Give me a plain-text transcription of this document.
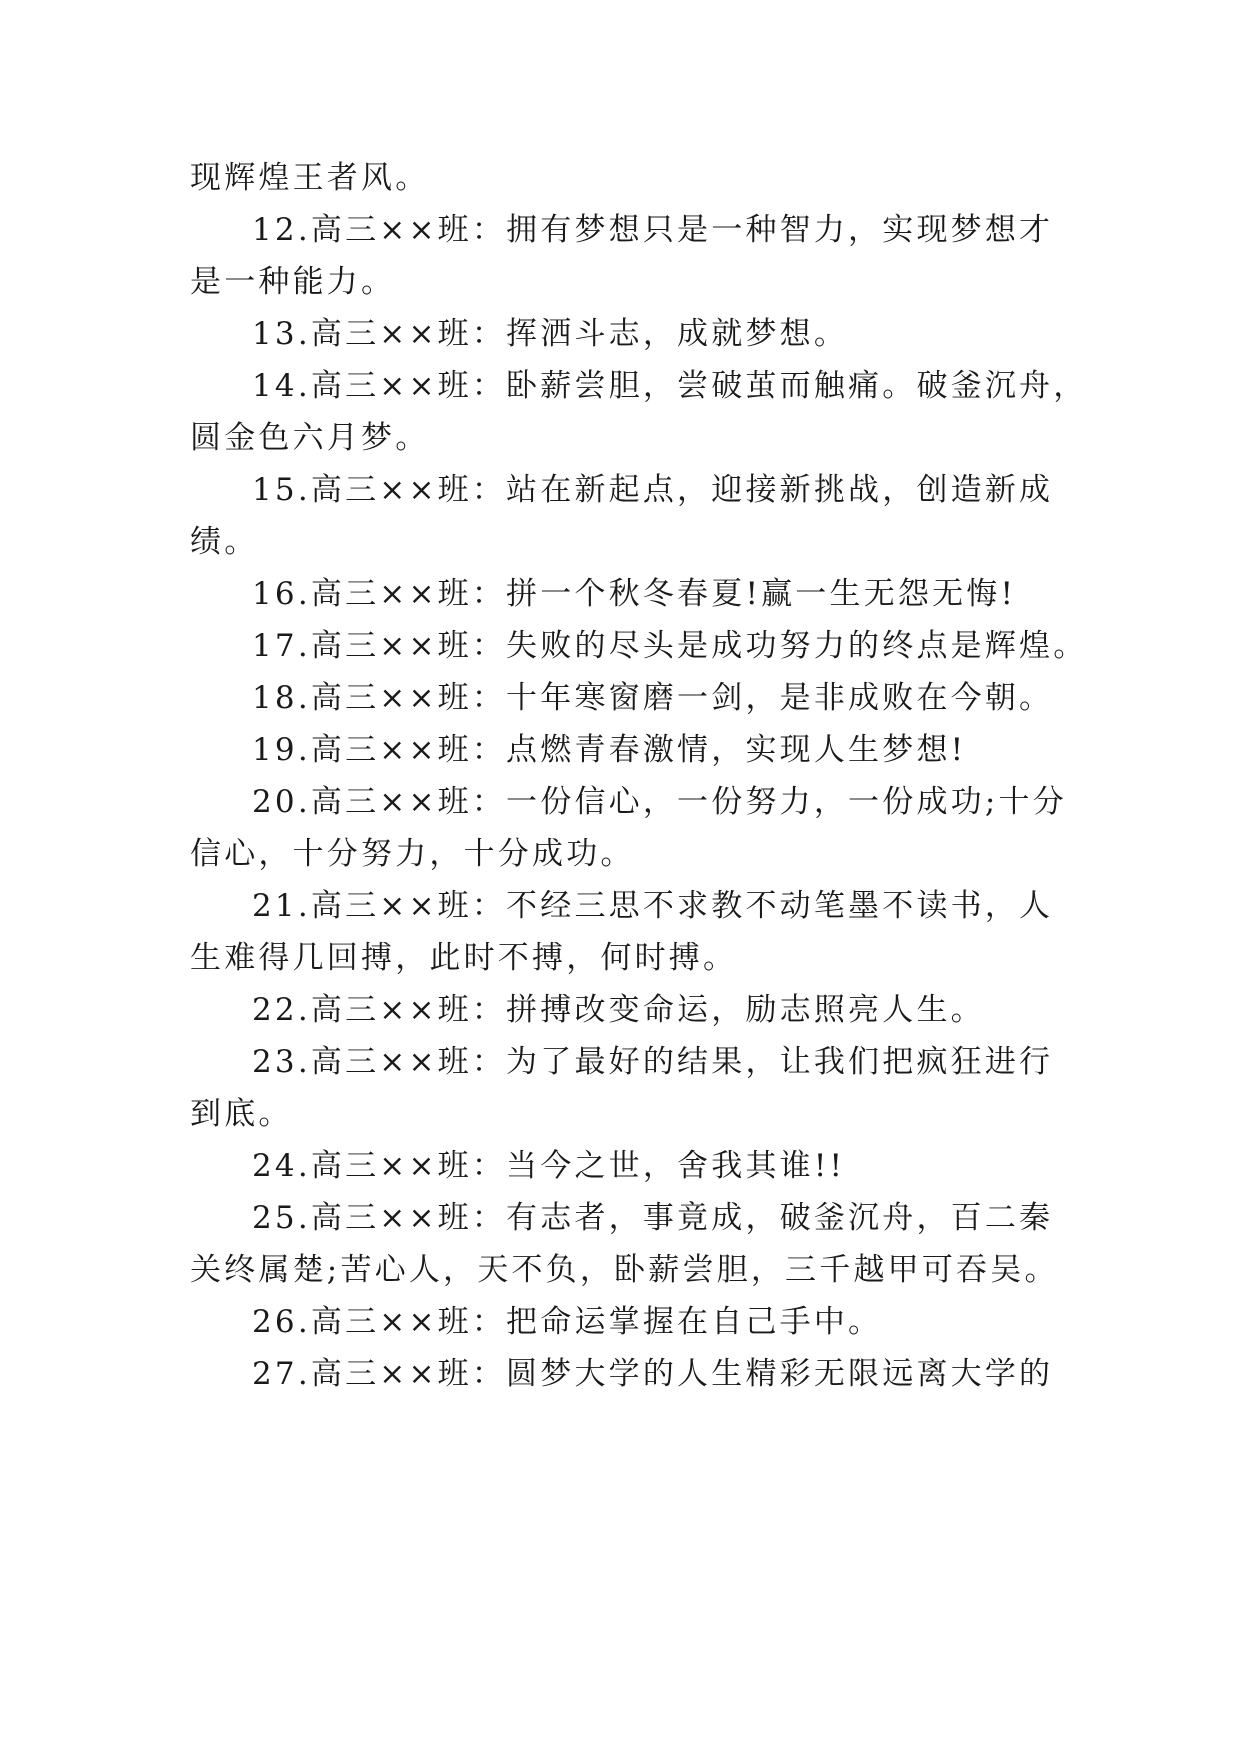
现辉煌王者风。
12.高三××班：拥有梦想只是一种智力，实现梦想才
是一种能力。
13.高三××班：挥洒斗志，成就梦想。
14.高三××班：卧薪尝胆，尝破茧而触痛。破釜沉舟，
圆金色六月梦。
15.高三××班：站在新起点，迎接新挑战，创造新成
绩。
16.高三××班：拼一个秋冬春夏!赢一生无怨无悔!
17.高三××班：失败的尽头是成功努力的终点是辉煌。
18.高三××班：十年寒窗磨一剑，是非成败在今朝。
19.高三××班：点燃青春激情，实现人生梦想!
20.高三××班：一份信心，一份努力，一份成功;十分
信心，十分努力，十分成功。
21.高三××班：不经三思不求教不动笔墨不读书，人
生难得几回搏，此时不搏，何时搏。
22.高三××班：拼搏改变命运，励志照亮人生。
23.高三××班：为了最好的结果，让我们把疯狂进行
到底。
24.高三××班：当今之世，舍我其谁!!
25.高三××班：有志者，事竟成，破釜沉舟，百二秦
关终属楚;苦心人，天不负，卧薪尝胆，三千越甲可吞吴。
26.高三××班：把命运掌握在自己手中。
27.高三××班：圆梦大学的人生精彩无限远离大学的
